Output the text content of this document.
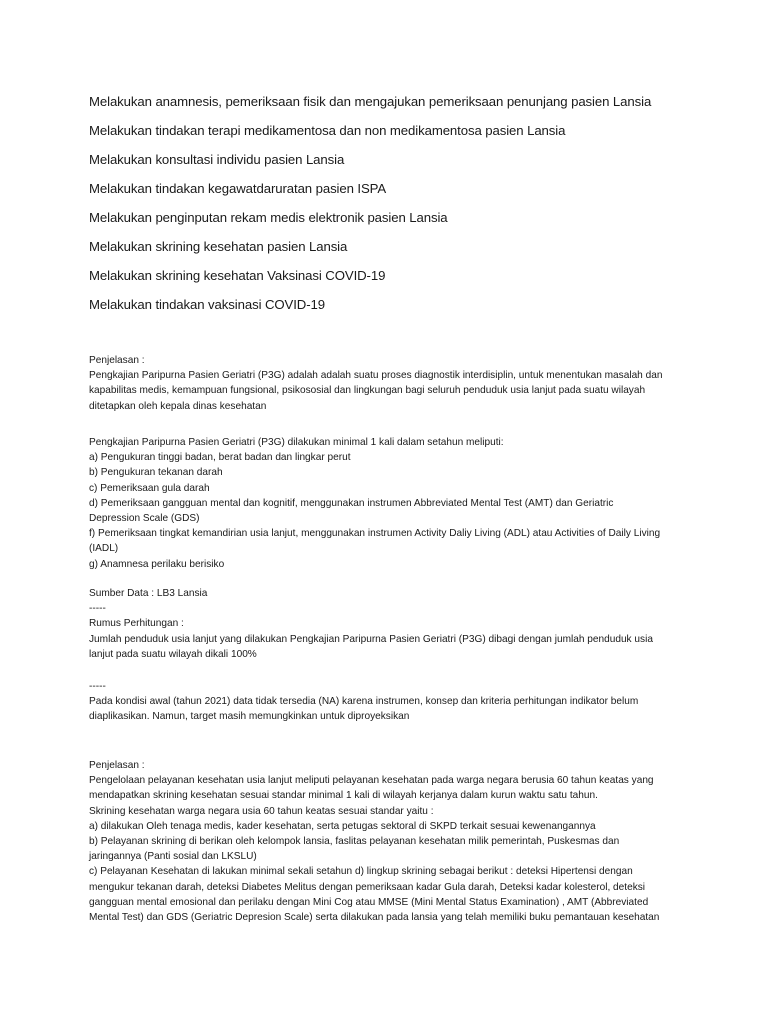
Melakukan anamnesis, pemeriksaan fisik dan mengajukan pemeriksaan penunjang pasien Lansia
Melakukan tindakan terapi medikamentosa dan non medikamentosa pasien Lansia
Melakukan konsultasi individu pasien Lansia
Melakukan tindakan kegawatdaruratan pasien ISPA
Melakukan penginputan rekam medis elektronik pasien Lansia
Melakukan skrining kesehatan pasien Lansia
Melakukan skrining kesehatan Vaksinasi COVID-19
Melakukan tindakan vaksinasi COVID-19

Penjelasan :

Pengkajian Paripurna Pasien Geriatri (P3G) adalah adalah suatu proses diagnostik interdisiplin, untuk menentukan masalah dan

kapabilitas medis, kemampuan fungsional, psikososial dan lingkungan bagi seluruh penduduk usia lanjut pada suatu wilayah

ditetapkan oleh kepala dinas kesehatan

Pengkajian Paripurna Pasien Geriatri (P3G) dilakukan minimal 1 kali dalam setahun meliputi:

a) Pengukuran tinggi badan, berat badan dan lingkar perut

b) Pengukuran tekanan darah

c) Pemeriksaan gula darah

d) Pemeriksaan gangguan mental dan kognitif, menggunakan instrumen Abbreviated Mental Test (AMT) dan Geriatric

Depression Scale (GDS)

f) Pemeriksaan tingkat kemandirian usia lanjut, menggunakan instrumen Activity Daliy Living (ADL) atau Activities of Daily Living

(IADL)

g) Anamnesa perilaku berisiko

Sumber Data : LB3 Lansia

-----

Rumus Perhitungan :

Jumlah penduduk usia lanjut yang dilakukan Pengkajian Paripurna Pasien Geriatri (P3G) dibagi dengan jumlah penduduk usia

lanjut pada suatu wilayah dikali 100%

-----

Pada kondisi awal (tahun 2021) data tidak tersedia (NA) karena instrumen, konsep dan kriteria perhitungan indikator belum

diaplikasikan. Namun, target masih memungkinkan untuk diproyeksikan

Penjelasan :

Pengelolaan pelayanan kesehatan usia lanjut meliputi pelayanan kesehatan pada warga negara berusia 60 tahun keatas yang

mendapatkan skrining kesehatan sesuai standar minimal 1 kali di wilayah kerjanya dalam kurun waktu satu tahun.

Skrining kesehatan warga negara usia 60 tahun keatas sesuai standar yaitu :

a) dilakukan Oleh tenaga medis, kader kesehatan, serta petugas sektoral di SKPD terkait sesuai kewenangannya

b) Pelayanan skrining di berikan oleh kelompok lansia, faslitas pelayanan kesehatan milik pemerintah, Puskesmas dan

jaringannya (Panti sosial dan LKSLU)

c) Pelayanan Kesehatan di lakukan minimal sekali setahun d) lingkup skrining sebagai berikut : deteksi Hipertensi dengan

mengukur tekanan darah, deteksi Diabetes Melitus dengan pemeriksaan kadar Gula darah, Deteksi kadar kolesterol, deteksi

gangguan mental emosional dan perilaku dengan Mini Cog atau MMSE (Mini Mental Status Examination) , AMT (Abbreviated

Mental Test) dan GDS (Geriatric Depresion Scale) serta dilakukan pada lansia yang telah memiliki buku pemantauan kesehatan
